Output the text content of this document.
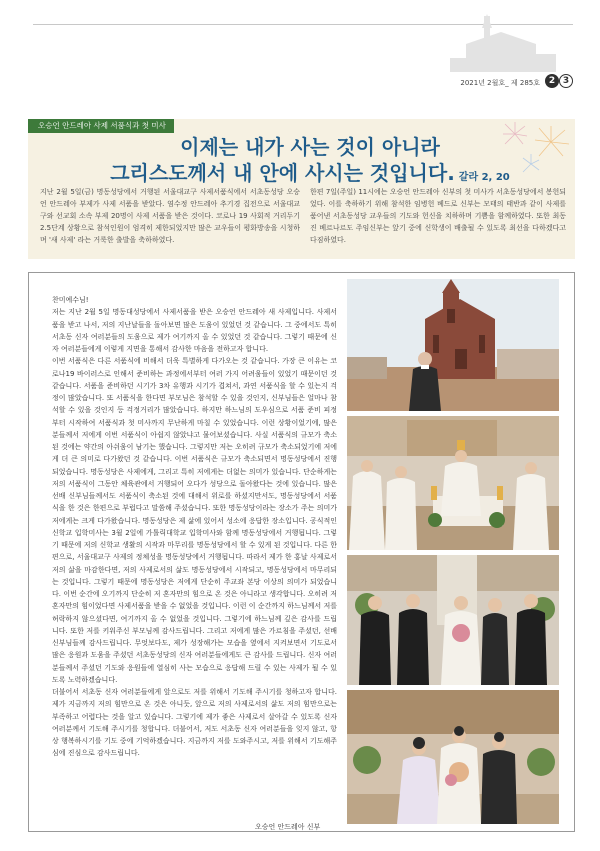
2021년 2월호_ 제 285호 2 3
오승언 안드레아 사제 서품식과 첫 미사
이제는 내가 사는 것이 아니라
그리스도께서 내 안에 사시는 것입니다. 갈라 2, 20
지난 2월 5일(금) 명동성당에서 거행된 서울대교구 사제서품식에서 서초동성당 오승언 안드레아 부제가 사제 서품을 받았다. 염수정 안드레아 추기경 집전으로 서울대교구와 선교회 소속 부제 20명이 사제 서품을 받은 것이다. 코로나 19 사회적 거리두기 2.5단계 상황으로 참석인원이 엄격히 제한되었지만 많은 교우들이 평화방송을 시청하며 '새 사제' 라는 거룩한 출발을 축하하였다.
한편 7일(주일) 11시에는 오승언 안드레아 신부의 첫 미사가 서초동성당에서 봉헌되었다. 이를 축하하기 위해 참석한 임병헌 베드로 신부는 모태의 태반과 같이 사제를 품어낸 서초동성당 교우들의 기도와 헌신을 치하하며 기쁨을 함께하였다. 또한 최동진 베르나르도 주임신부는 앞기 중에 신학생이 배출될 수 있도록 최선을 다하겠다고 다짐하였다.

찬미예수님!

저는 지난 2월 5일 명동대성당에서 사제서품을 받은 오승언 안드레아 새 사제입니다. 사제서품을 받고 나서, 저의 지난날들을 돌아보면 많은 도움이 있었던 것 같습니다. 그 중에서도 특히 서초동 신자 여러분들의 도움으로 제가 여기까지 올 수 있었던 것 같습니다. 그렇기 때문에 신자 여러분들에게 이렇게 지면을 통해서 감사한 마음을 전하고자 합니다.

이번 서품식은 다른 서품식에 비해서 더욱 특별하게 다가오는 것 같습니다. 가장 큰 이유는 코로나19 바이러스로 인해서 준비하는 과정에서부터 여러 가지 어려움들이 있었기 때문이던 것 같습니다. 서품을 준비하던 시기가 3차 유행과 시기가 겹쳐서, 과연 서품식을 할 수 있는지 걱정이 많았습니다. 또 서품식을 한다면 부모님은 참석할 수 있을 것인지, 신부님들은 얼마나 참석할 수 있을 것인지 등 걱정거리가 많았습니다. 하지만 하느님의 도우심으로 서품 준비 피정부터 시작하여 서품식과 첫 미사까지 무난하게 마칠 수 있었습니다. 이런 상황이었기에, 많은 분들께서 저에게 이번 서품식이 아쉽지 않았냐고 물어보셨습니다. 사실 서품식의 규모가 축소된 것에는 약간의 아쉬움이 남기는 했습니다. 그렇지만 저는 오히려 규모가 축소되었기에 저에게 더 큰 의미로 다가왔던 것 같습니다. 이번 서품식은 규모가 축소되면서 명동성당에서 진행되었습니다. 명동성당은 사제에게, 그리고 특히 저에게는 더없는 의미가 있습니다. 단순하게는 저의 서품식이 그동안 체육관에서 거행되어 오다가 성당으로 돌아왔다는 것에 있습니다. 많은 선배 신부님들께서도 서품식이 축소된 것에 대해서 위로를 하셨지만서도, 명동성당에서 서품식을 한 것은 한편으로 부럽다고 말씀해 주셨습니다. 또한 명동성당이라는 장소가 주는 의미가 저에게는 크게 다가왔습니다. 명동성당은 제 삶에 있어서 성소에 응답한 장소입니다. 공식적인 신학교 입학미사는 3월 2일에 가톨릭대학교 입학미사와 함께 명동성당에서 거행됩니다. 그렇기 때문에 저의 신학교 생활의 시작과 마무리를 명동성당에서 할 수 있게 된 것입니다. 다른 한편으로, 서울대교구 사제의 정체성을 명동성당에서 거행됩니다. 따라서 제가 한 홍날 사제로서 저의 삶을 마감한다면, 저의 사제로서의 삶도 명동성당에서 시작되고, 명동성당에서 마무리되는 것입니다. 그렇기 때문에 명동성당은 저에게 단순히 주교좌 본당 이상의 의미가 되었습니다. 이번 순간에 오기까지 단순히 저 혼자만의 힘으로 온 것은 아니라고 생각합니다. 오히려 저 혼자만의 힘이었다면 사제서품을 받을 수 없었을 것입니다. 이런 이 순간까지 하느님께서 저를 허락하지 않으셨다면, 여기까지 올 수 없었을 것입니다. 그렇기에 하느님께 깊은 감사를 드립니다. 또한 저를 키워주신 부모님께 감사드립니다. 그리고 저에게 많은 가르침을 주셨던, 선배 신부님들께 감사드립니다. 무엇보다도, 제가 성장해가는 모습을 옆에서 지켜보면서 기도로서 많은 응원과 도움을 주셨던 서초동성당의 신자 여러분들에게도 큰 감사를 드립니다. 신자 여러분들께서 주셨던 기도와 응원들에 열심히 사는 모습으로 응답해 드릴 수 있는 사제가 될 수 있도록 노력하겠습니다.

더불어서 서초동 신자 여러분들에게 앞으로도 저를 위해서 기도해 주시기를 청하고자 합니다. 제가 지금까지 저의 힘만으로 온 것은 아니듯, 앞으로 저의 사제로서의 삶도 저의 힘만으로는 부족하고 어렵다는 것을 알고 있습니다. 그렇기에 제가 좋은 사제로서 살아갈 수 있도록 신자 여러분께서 기도해 주시기를 청합니다. 더불어서, 저도 서초동 신자 여러분들을 잊지 않고, 항상 행복하시기를 기도 중에 기억하겠습니다. 지금까지 저를 도와주시고, 저를 위해서 기도해주심에 진심으로 감사드립니다.

오승언 안드레아 신부
